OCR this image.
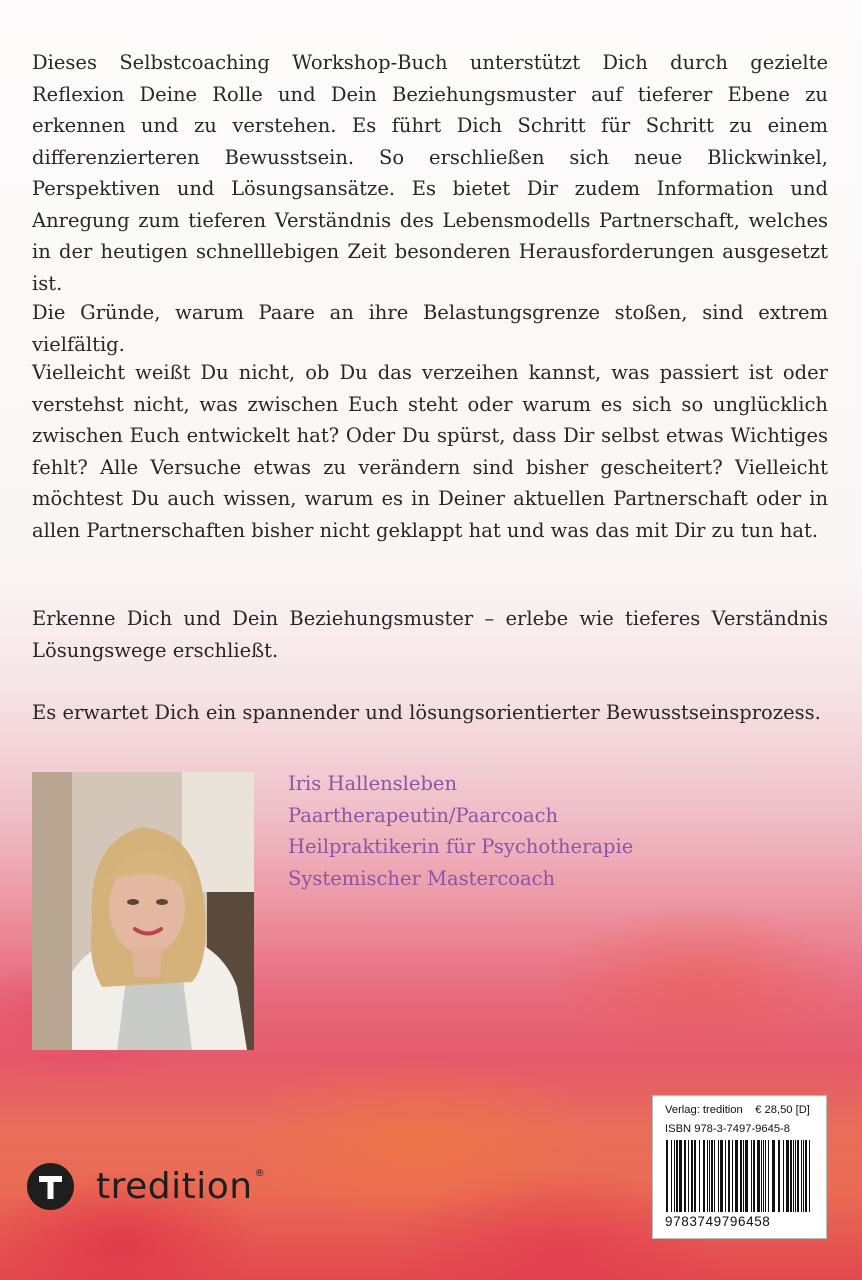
Dieses Selbstcoaching Workshop-Buch unterstützt Dich durch gezielte Reflexion Deine Rolle und Dein Beziehungsmuster auf tieferer Ebene zu erkennen und zu verstehen. Es führt Dich Schritt für Schritt zu einem differenzierteren Bewusstsein. So erschließen sich neue Blickwinkel, Perspektiven und Lösungsansätze. Es bietet Dir zudem Information und Anregung zum tieferen Verständnis des Lebensmodells Partnerschaft, welches in der heutigen schnelllebigen Zeit besonderen Herausforderungen ausgesetzt ist.

Die Gründe, warum Paare an ihre Belastungsgrenze stoßen, sind extrem vielfältig.

Vielleicht weißt Du nicht, ob Du das verzeihen kannst, was passiert ist oder verstehst nicht, was zwischen Euch steht oder warum es sich so unglücklich zwischen Euch entwickelt hat? Oder Du spürst, dass Dir selbst etwas Wichtiges fehlt? Alle Versuche etwas zu verändern sind bisher gescheitert? Vielleicht möchtest Du auch wissen, warum es in Deiner aktuellen Partnerschaft oder in allen Partnerschaften bisher nicht geklappt hat und was das mit Dir zu tun hat.

Erkenne Dich und Dein Beziehungsmuster – erlebe wie tieferes Verständnis Lösungswege erschließt.

Es erwartet Dich ein spannender und lösungsorientierter Bewusstseinsprozess.

Iris Hallensleben
Paartherapeutin/Paarcoach
Heilpraktikerin für Psychotherapie
Systemischer Mastercoach
Verlag: tredition € 28,50 [D]
ISBN 978-3-7497-9645-8
9783749796458
tredition ®
